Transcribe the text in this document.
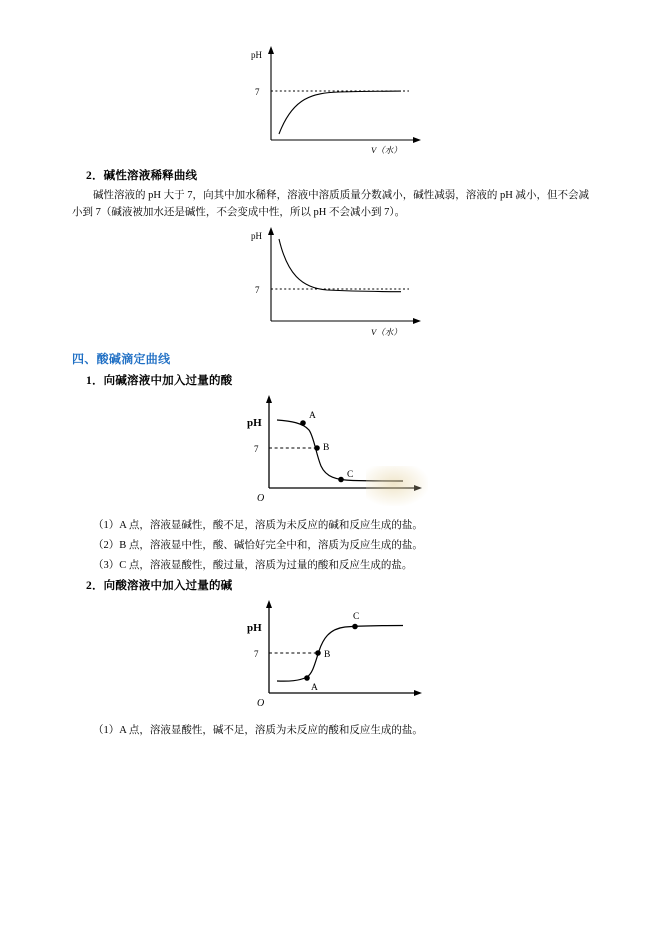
pH
7
V（水）
2．碱性溶液稀释曲线
碱性溶液的 pH 大于 7，向其中加水稀释，溶液中溶质质量分数减小，碱性减弱，溶液的 pH 减小，但不会减小到 7（碱液被加水还是碱性，不会变成中性，所以 pH 不会减小到 7）。
pH
7
V（水）
四、酸碱滴定曲线
1．向碱溶液中加入过量的酸
pH
7
O
A
B
C
（1）A 点，溶液显碱性，酸不足，溶质为未反应的碱和反应生成的盐。
（2）B 点，溶液显中性，酸、碱恰好完全中和，溶质为反应生成的盐。
（3）C 点，溶液显酸性，酸过量，溶质为过量的酸和反应生成的盐。
2．向酸溶液中加入过量的碱
pH
7
O
A
B
C
（1）A 点，溶液显酸性，碱不足，溶质为未反应的酸和反应生成的盐。
